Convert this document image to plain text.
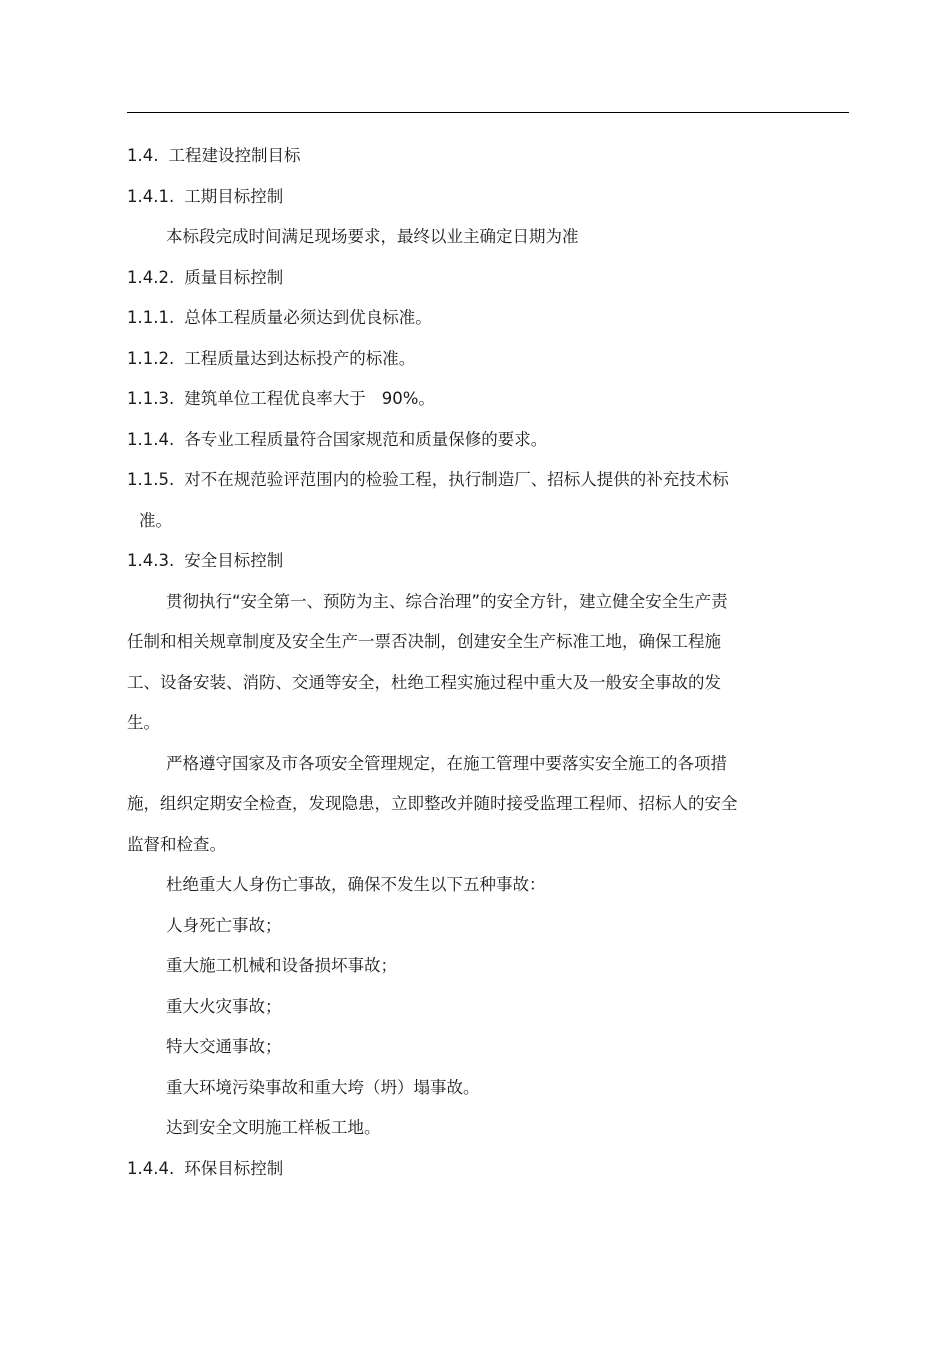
1.4. 工程建设控制目标
1.4.1. 工期目标控制
本标段完成时间满足现场要求，最终以业主确定日期为准
1.4.2. 质量目标控制
1.1.1. 总体工程质量必须达到优良标准。
1.1.2. 工程质量达到达标投产的标准。
1.1.3. 建筑单位工程优良率大于 90%。
1.1.4. 各专业工程质量符合国家规范和质量保修的要求。
1.1.5. 对不在规范验评范围内的检验工程，执行制造厂、招标人提供的补充技术标
准。
1.4.3. 安全目标控制
贯彻执行“安全第一、预防为主、综合治理”的安全方针，建立健全安全生产责
任制和相关规章制度及安全生产一票否决制，创建安全生产标准工地，确保工程施
工、设备安装、消防、交通等安全，杜绝工程实施过程中重大及一般安全事故的发
生。
严格遵守国家及市各项安全管理规定，在施工管理中要落实安全施工的各项措
施，组织定期安全检查，发现隐患，立即整改并随时接受监理工程师、招标人的安全
监督和检查。
杜绝重大人身伤亡事故，确保不发生以下五种事故：
人身死亡事故；
重大施工机械和设备损坏事故；
重大火灾事故；
特大交通事故；
重大环境污染事故和重大垮（坍）塌事故。
达到安全文明施工样板工地。
1.4.4. 环保目标控制
